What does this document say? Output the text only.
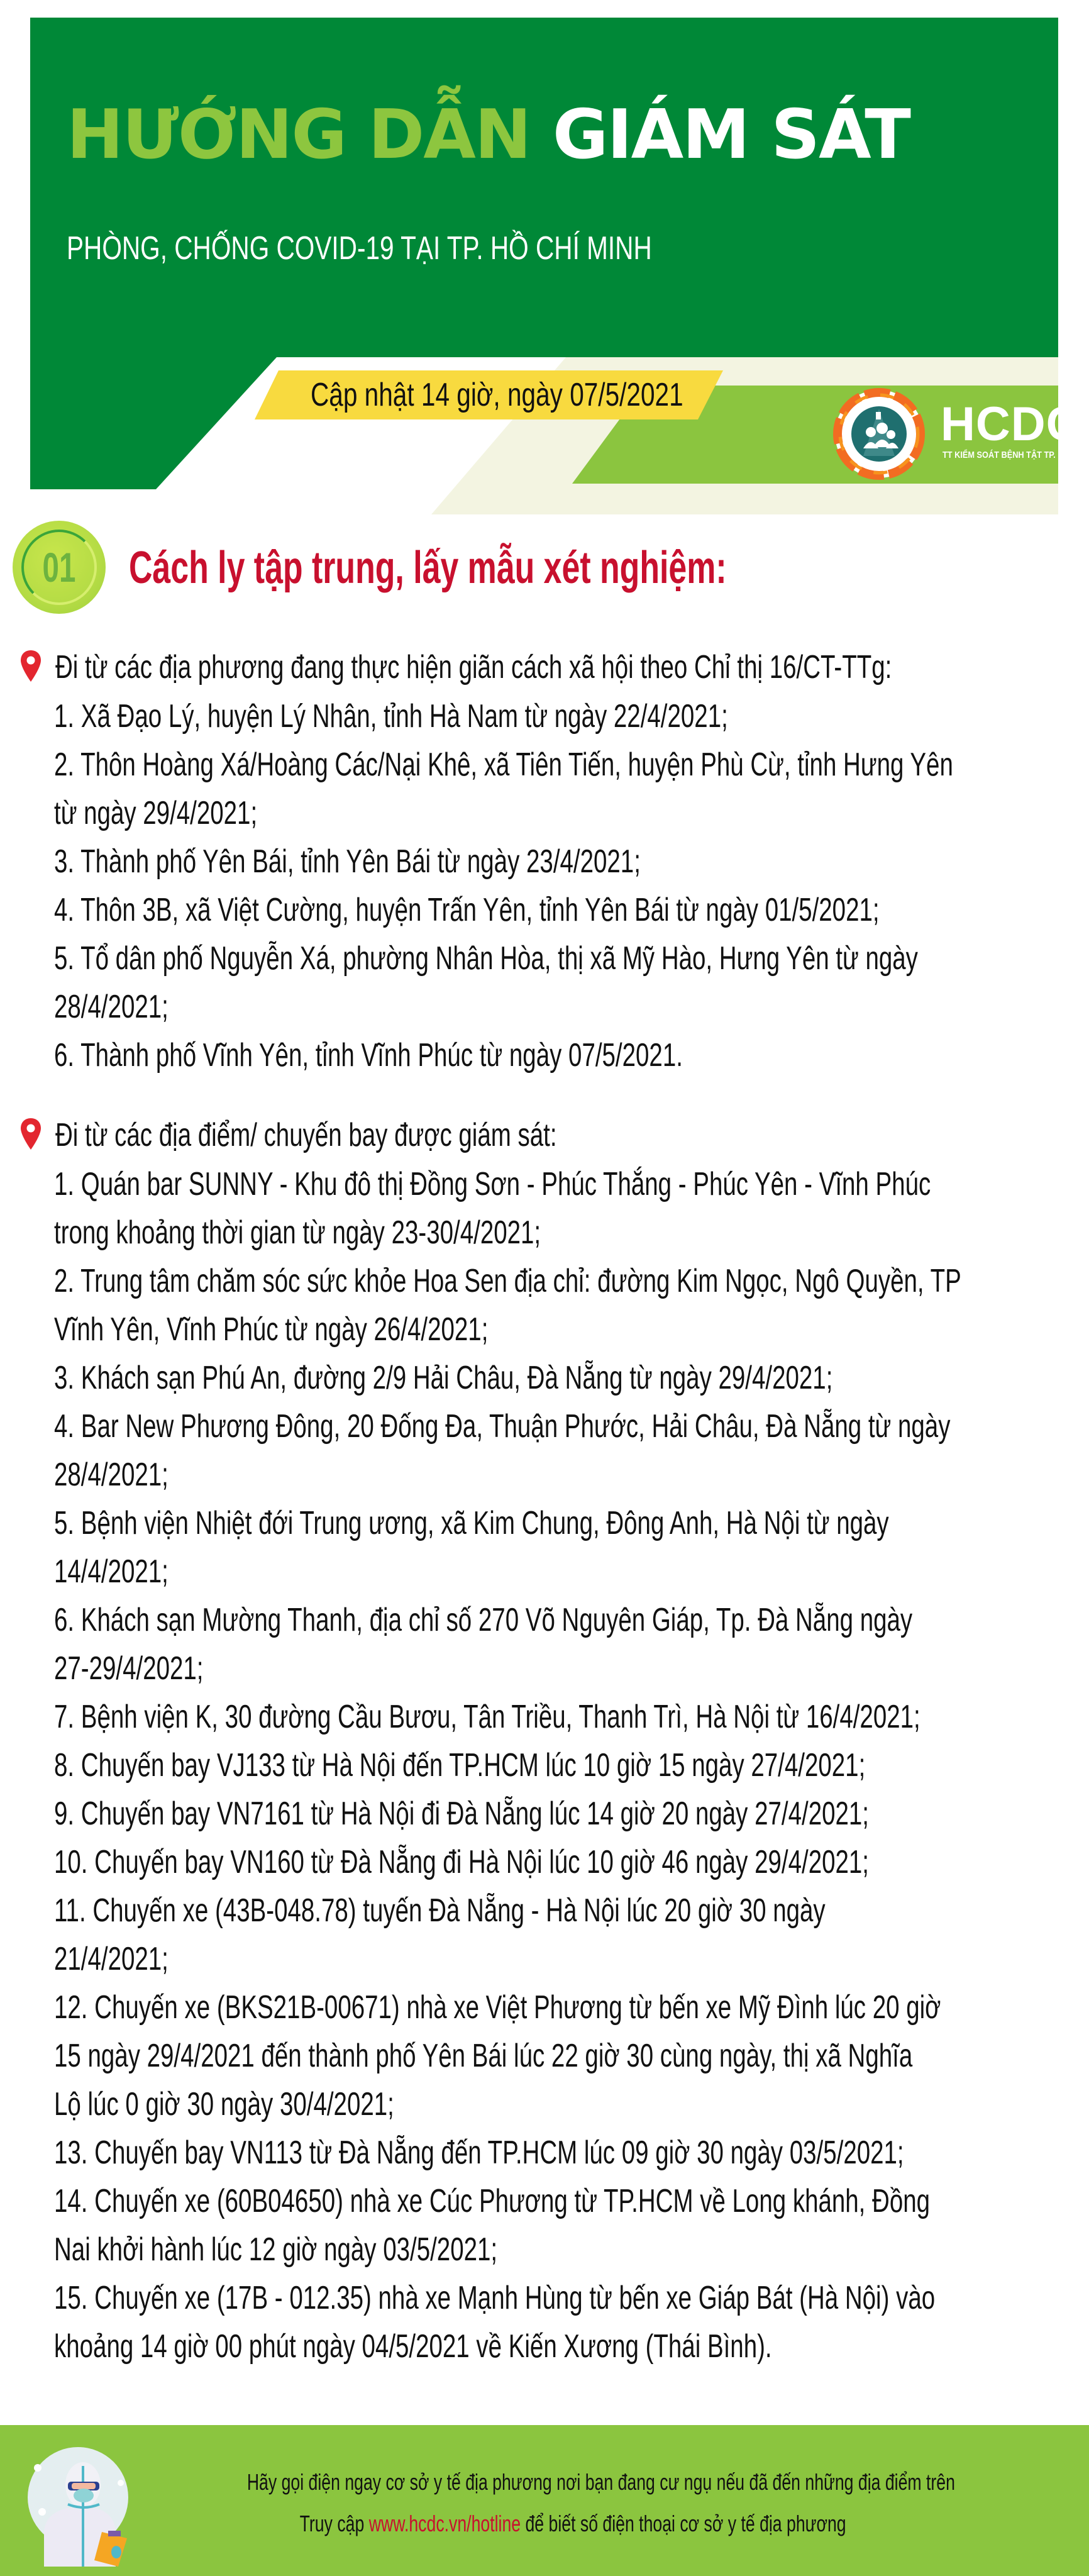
HƯỚNG DẪN GIÁM SÁT
PHÒNG, CHỐNG COVID-19 TẠI TP. HỒ CHÍ MINH
Cập nhật 14 giờ, ngày 07/5/2021
HCDC
TT KIỂM SOÁT BỆNH TẬT TP. HCM
01	Cách ly tập trung, lấy mẫu xét nghiệm:
Đi từ các địa phương đang thực hiện giãn cách xã hội theo Chỉ thị 16/CT-TTg:
1. Xã Đạo Lý, huyện Lý Nhân, tỉnh Hà Nam từ ngày 22/4/2021;
2. Thôn Hoàng Xá/Hoàng Các/Nại Khê, xã Tiên Tiến, huyện Phù Cừ, tỉnh Hưng Yên
từ ngày 29/4/2021;
3. Thành phố Yên Bái, tỉnh Yên Bái từ ngày 23/4/2021;
4. Thôn 3B, xã Việt Cường, huyện Trấn Yên, tỉnh Yên Bái từ ngày 01/5/2021;
5. Tổ dân phố Nguyễn Xá, phường Nhân Hòa, thị xã Mỹ Hào, Hưng Yên từ ngày
28/4/2021;
6. Thành phố Vĩnh Yên, tỉnh Vĩnh Phúc từ ngày 07/5/2021.
Đi từ các địa điểm/ chuyến bay được giám sát:
1. Quán bar SUNNY - Khu đô thị Đồng Sơn - Phúc Thắng - Phúc Yên - Vĩnh Phúc
trong khoảng thời gian từ ngày 23-30/4/2021;
2. Trung tâm chăm sóc sức khỏe Hoa Sen địa chỉ: đường Kim Ngọc, Ngô Quyền, TP
Vĩnh Yên, Vĩnh Phúc từ ngày 26/4/2021;
3. Khách sạn Phú An, đường 2/9 Hải Châu, Đà Nẵng từ ngày 29/4/2021;
4. Bar New Phương Đông, 20 Đống Đa, Thuận Phước, Hải Châu, Đà Nẵng từ ngày
28/4/2021;
5. Bệnh viện Nhiệt đới Trung ương, xã Kim Chung, Đông Anh, Hà Nội từ ngày
14/4/2021;
6. Khách sạn Mường Thanh, địa chỉ số 270 Võ Nguyên Giáp, Tp. Đà Nẵng ngày
27-29/4/2021;
7. Bệnh viện K, 30 đường Cầu Bươu, Tân Triều, Thanh Trì, Hà Nội từ 16/4/2021;
8. Chuyến bay VJ133 từ Hà Nội đến TP.HCM lúc 10 giờ 15 ngày 27/4/2021;
9. Chuyến bay VN7161 từ Hà Nội đi Đà Nẵng lúc 14 giờ 20 ngày 27/4/2021;
10. Chuyến bay VN160 từ Đà Nẵng đi Hà Nội lúc 10 giờ 46 ngày 29/4/2021;
11. Chuyến xe (43B-048.78) tuyến Đà Nẵng - Hà Nội lúc 20 giờ 30 ngày
21/4/2021;
12. Chuyến xe (BKS21B-00671) nhà xe Việt Phương từ bến xe Mỹ Đình lúc 20 giờ
15 ngày 29/4/2021 đến thành phố Yên Bái lúc 22 giờ 30 cùng ngày, thị xã Nghĩa
Lộ lúc 0 giờ 30 ngày 30/4/2021;
13. Chuyến bay VN113 từ Đà Nẵng đến TP.HCM lúc 09 giờ 30 ngày 03/5/2021;
14. Chuyến xe (60B04650) nhà xe Cúc Phương từ TP.HCM về Long khánh, Đồng
Nai khởi hành lúc 12 giờ ngày 03/5/2021;
15. Chuyến xe (17B - 012.35) nhà xe Mạnh Hùng từ bến xe Giáp Bát (Hà Nội) vào
khoảng 14 giờ 00 phút ngày 04/5/2021 về Kiến Xương (Thái Bình).
Hãy gọi điện ngay cơ sở y tế địa phương nơi bạn đang cư ngụ nếu đã đến những địa điểm trên
Truy cập www.hcdc.vn/hotline để biết số điện thoại cơ sở y tế địa phương
